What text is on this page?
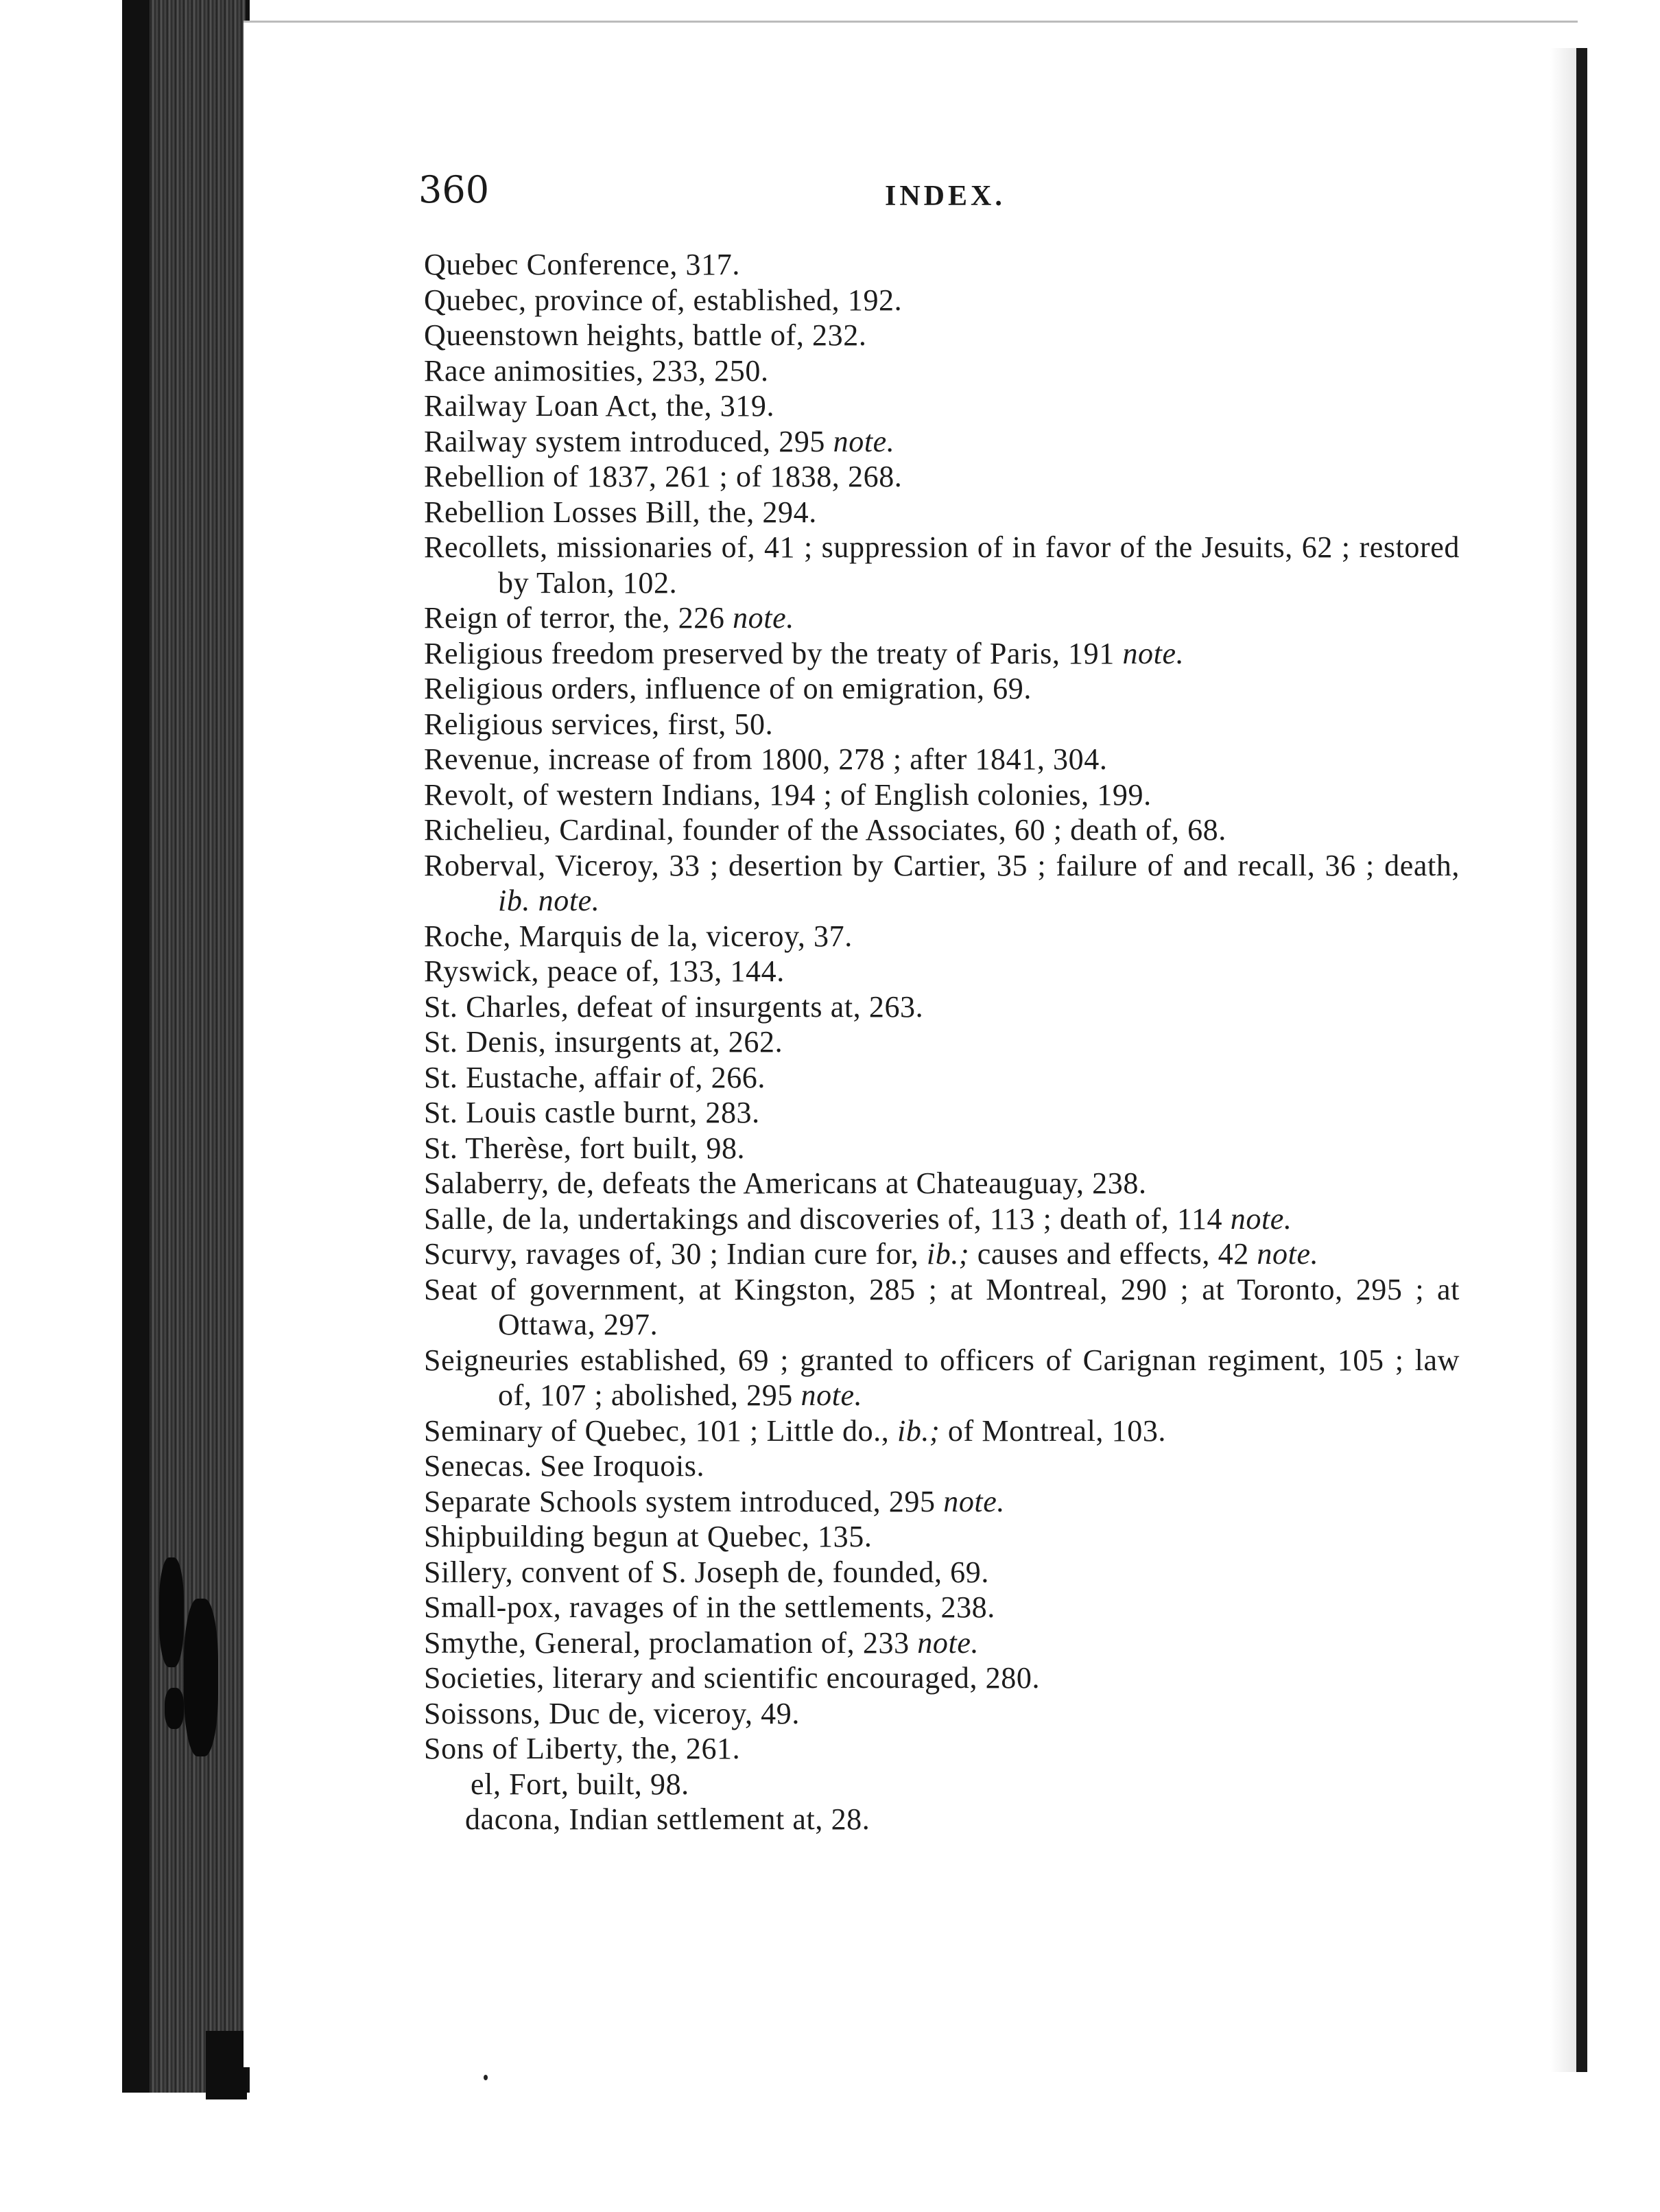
360	INDEX.
Quebec Conference, 317.
Quebec, province of, established, 192.
Queenstown heights, battle of, 232.
Race animosities, 233, 250.
Railway Loan Act, the, 319.
Railway system introduced, 295 note.
Rebellion of 1837, 261 ; of 1838, 268.
Rebellion Losses Bill, the, 294.
Recollets, missionaries of, 41 ; suppression of in favor of the Jesuits, 62 ; restored by Talon, 102.
Reign of terror, the, 226 note.
Religious freedom preserved by the treaty of Paris, 191 note.
Religious orders, influence of on emigration, 69.
Religious services, first, 50.
Revenue, increase of from 1800, 278 ; after 1841, 304.
Revolt, of western Indians, 194 ; of English colonies, 199.
Richelieu, Cardinal, founder of the Associates, 60 ; death of, 68.
Roberval, Viceroy, 33 ; desertion by Cartier, 35 ; failure of and recall, 36 ; death, ib. note.
Roche, Marquis de la, viceroy, 37.
Ryswick, peace of, 133, 144.
St. Charles, defeat of insurgents at, 263.
St. Denis, insurgents at, 262.
St. Eustache, affair of, 266.
St. Louis castle burnt, 283.
St. Therèse, fort built, 98.
Salaberry, de, defeats the Americans at Chateauguay, 238.
Salle, de la, undertakings and discoveries of, 113 ; death of, 114 note.
Scurvy, ravages of, 30 ; Indian cure for, ib.; causes and effects, 42 note.
Seat of government, at Kingston, 285 ; at Montreal, 290 ; at Toronto, 295 ; at Ottawa, 297.
Seigneuries established, 69 ; granted to officers of Carignan regiment, 105 ; law of, 107 ; abolished, 295 note.
Seminary of Quebec, 101 ; Little do., ib.; of Montreal, 103.
Senecas. See Iroquois.
Separate Schools system introduced, 295 note.
Shipbuilding begun at Quebec, 135.
Sillery, convent of S. Joseph de, founded, 69.
Small-pox, ravages of in the settlements, 238.
Smythe, General, proclamation of, 233 note.
Societies, literary and scientific encouraged, 280.
Soissons, Duc de, viceroy, 49.
Sons of Liberty, the, 261.
el, Fort, built, 98.
dacona, Indian settlement at, 28.
